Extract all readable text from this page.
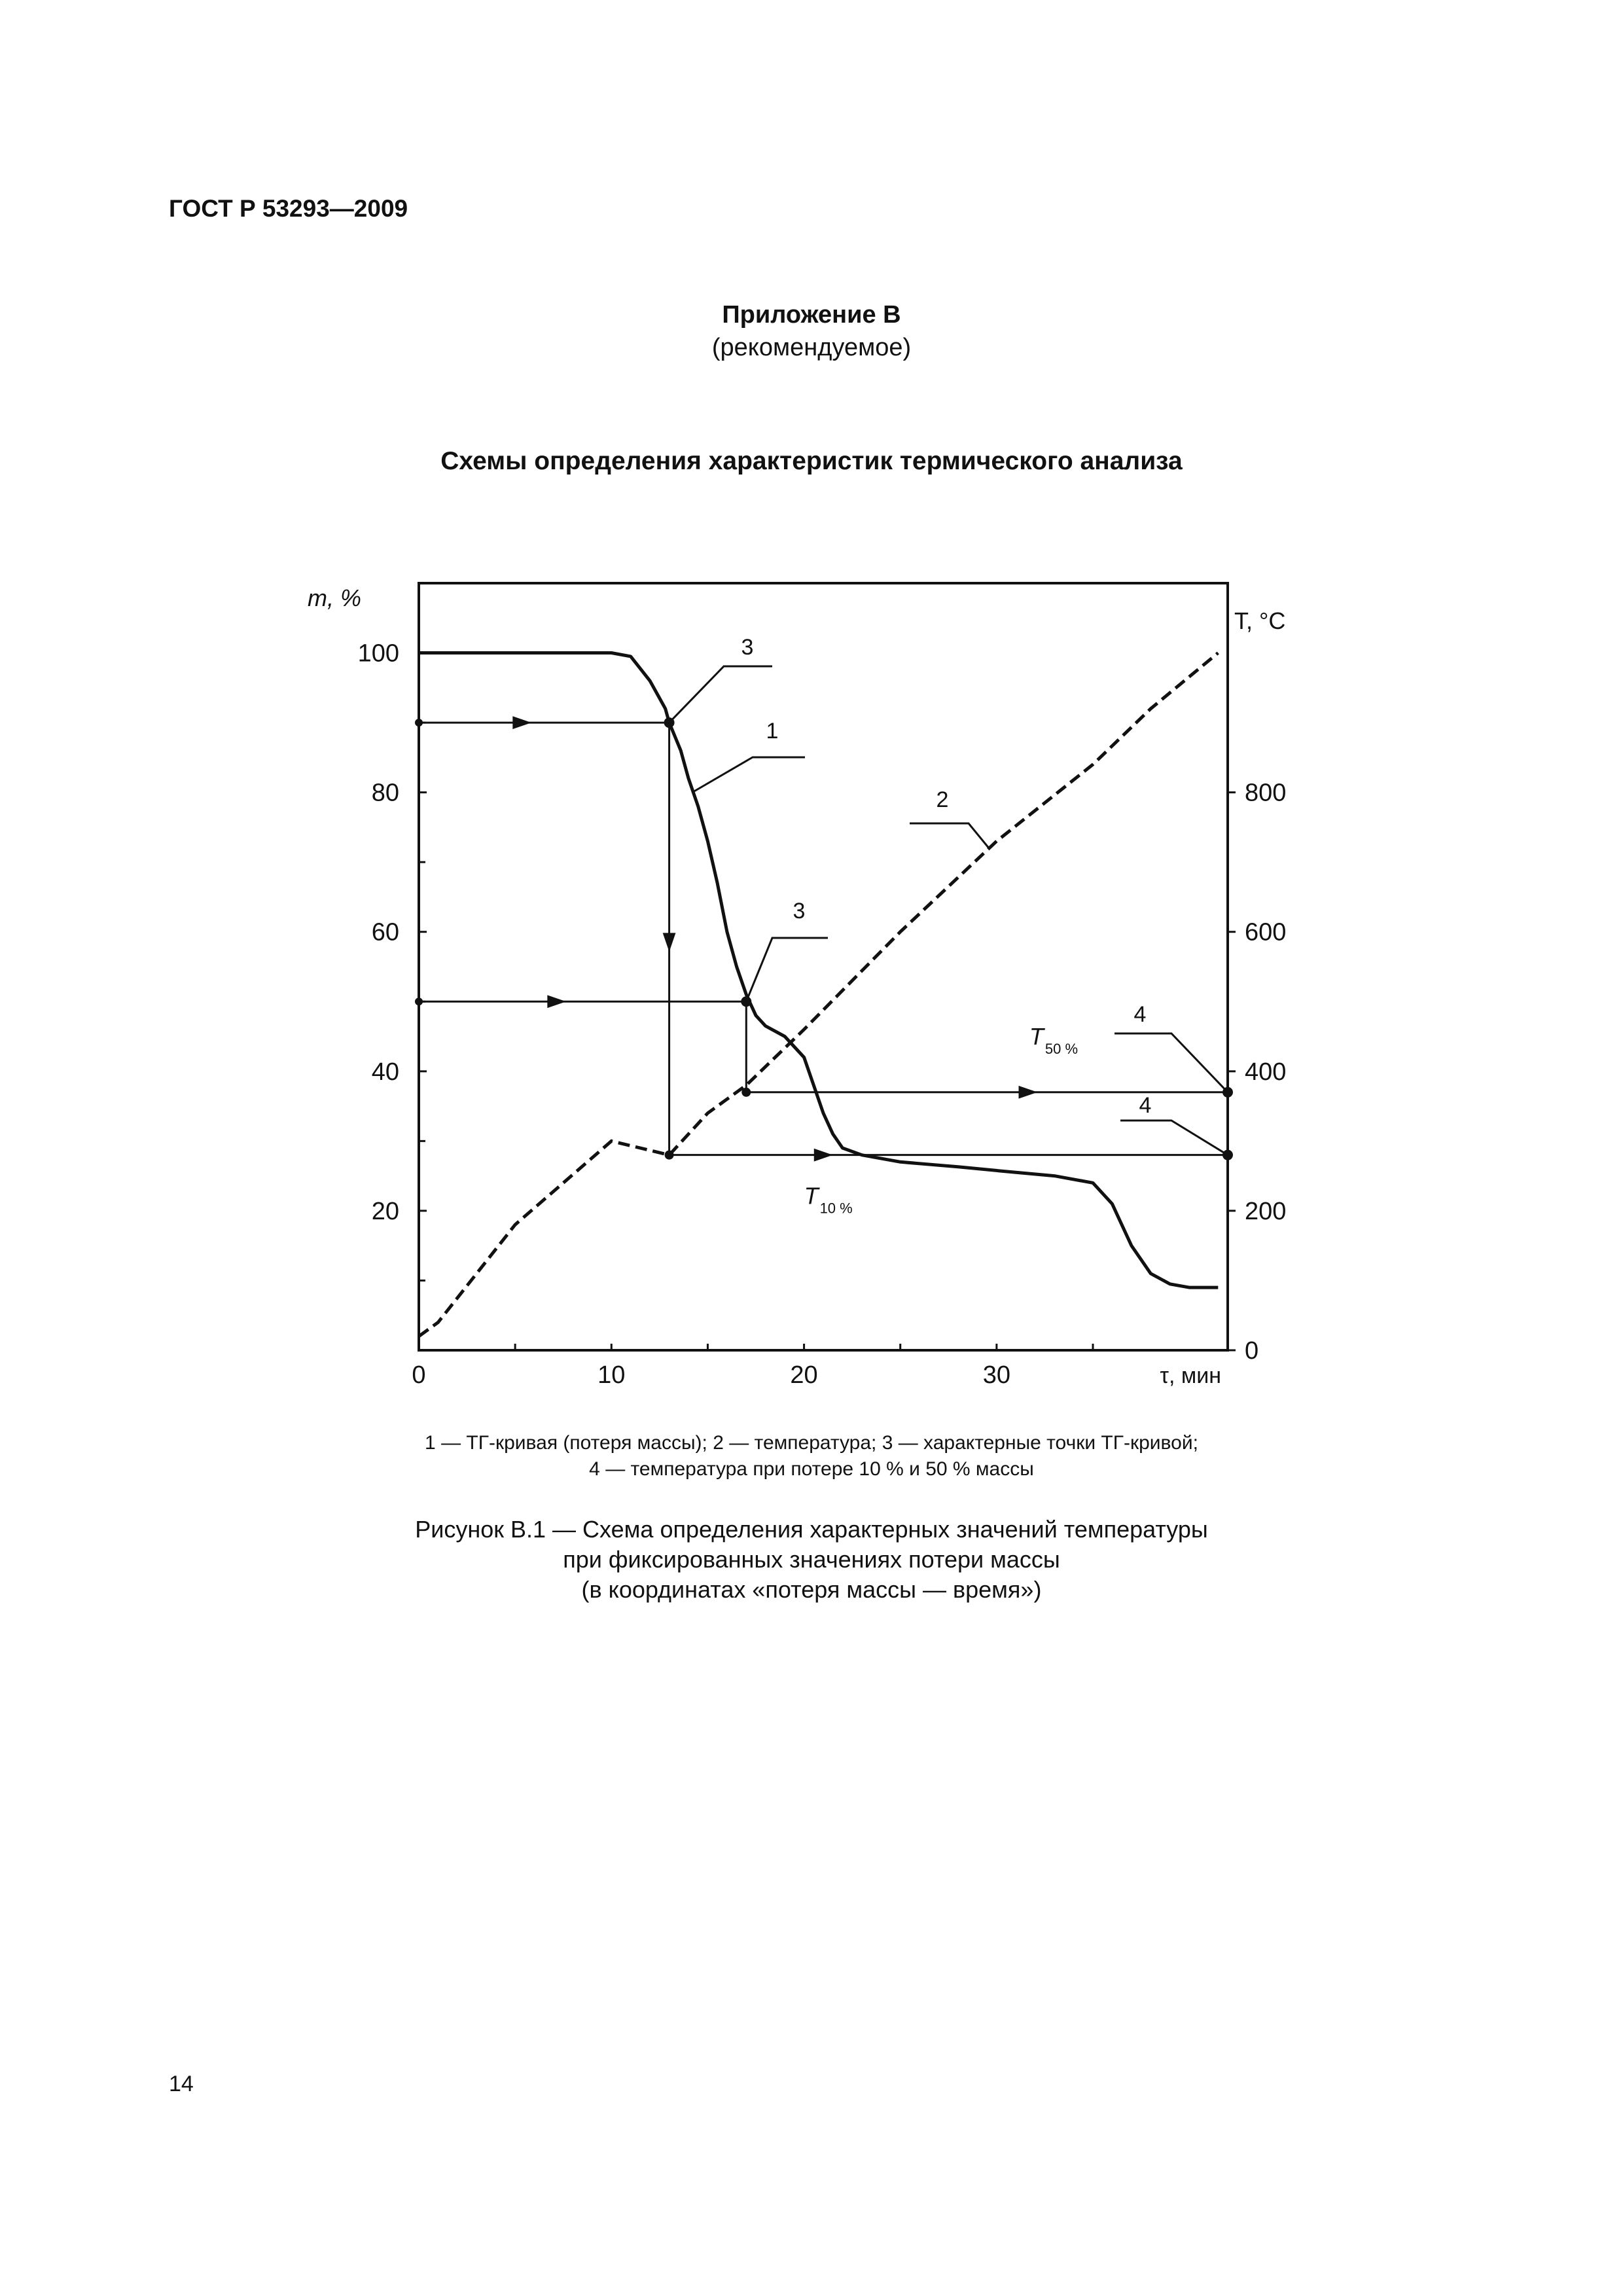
ГОСТ Р 53293—2009
Приложение В
(рекомендуемое)
Схемы определения характеристик термического анализа
0	10	20	30	τ, мин
20
40
60
80
100
m, %
0
200
400
600
800
T, °C
T 10 %
T 50 %
3
1
2
3
4
4
1 — ТГ-кривая (потеря массы); 2 — температура; 3 — характерные точки ТГ-кривой;
4 — температура при потере 10 % и 50 % массы
Рисунок В.1 — Схема определения характерных значений температуры
при фиксированных значениях потери массы
(в координатах «потеря массы — время»)
14
